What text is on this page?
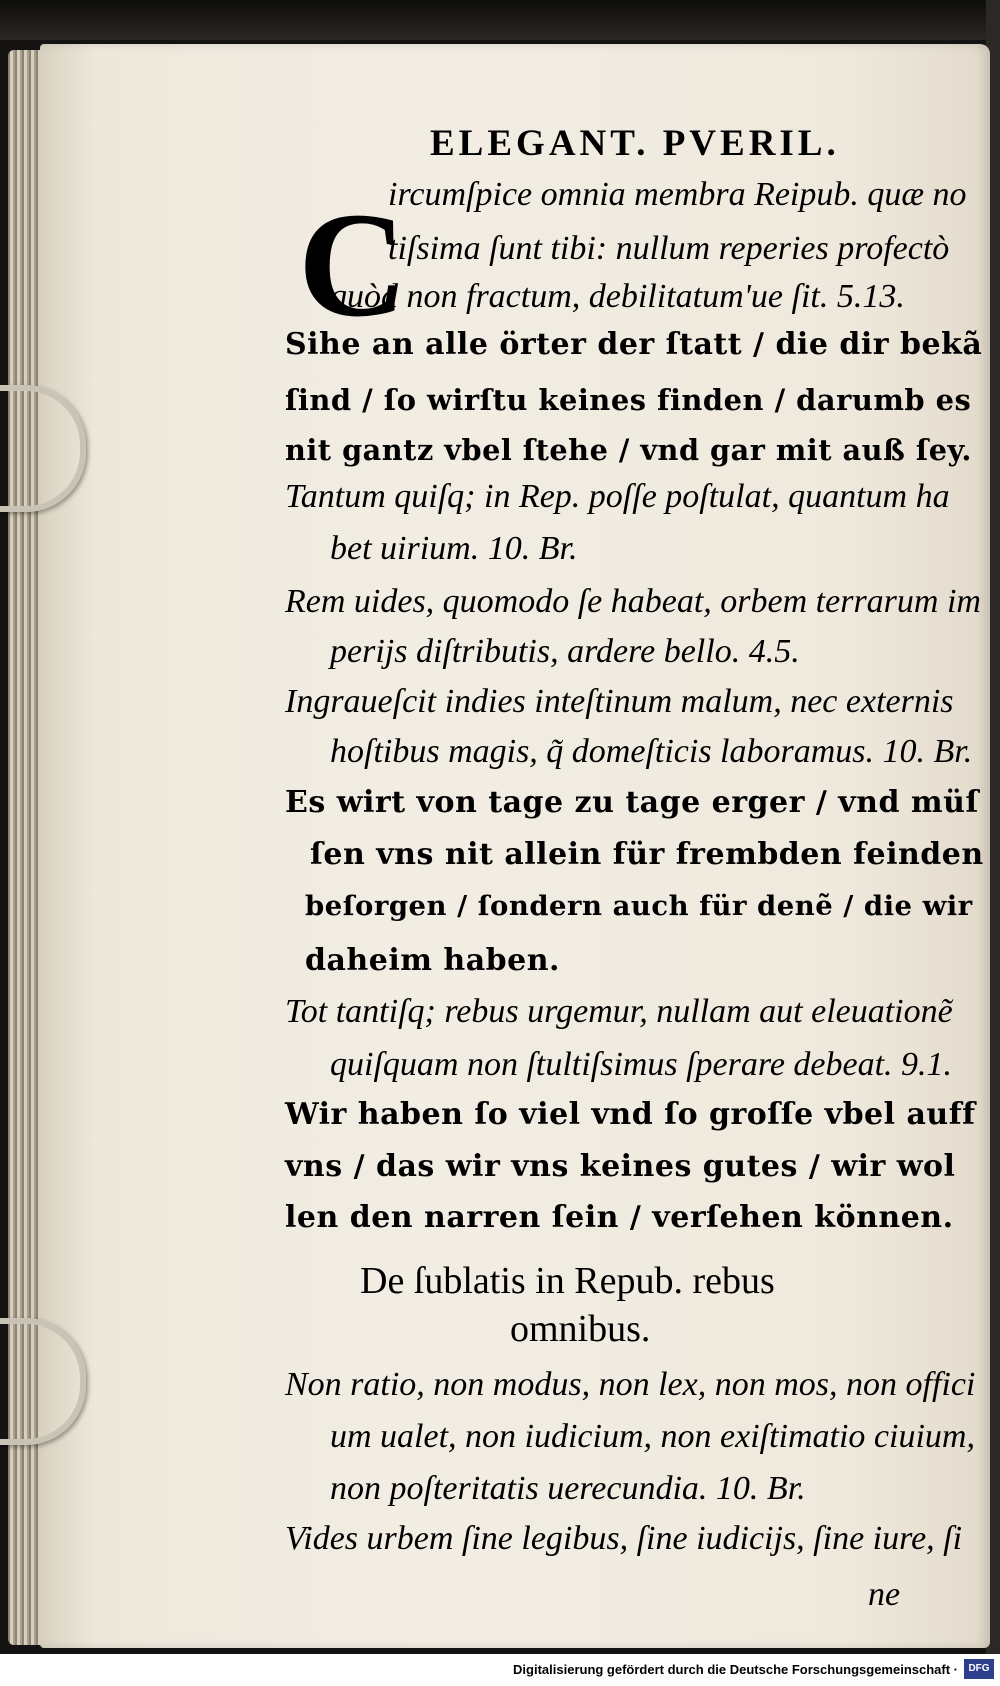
ELEGANT. PVERIL.
C
ircumſpice omnia membra Reipub. quæ no
tiſsima ſunt tibi: nullum reperies profectò
quòd non fractum, debilitatum'ue ſit. 5.13.
Sihe an alle örter der ſtatt / die dir bekã
ſind / ſo wirſtu keines finden / darumb es
nit gantz vbel ſtehe / vnd gar mit auß ſey.
Tantum quiſq; in Rep. poſſe poſtulat, quantum ha
bet uirium. 10. Br.
Rem uides, quomodo ſe habeat, orbem terrarum im
perijs diſtributis, ardere bello. 4.5.
Ingraueſcit indies inteſtinum malum, nec externis
hoſtibus magis, q̃ domeſticis laboramus. 10. Br.
Es wirt von tage zu tage erger / vnd müſ
ſen vns nit allein für frembden feinden
beſorgen / ſondern auch für denẽ / die wir
daheim haben.
Tot tantiſq; rebus urgemur, nullam aut eleuationẽ
quiſquam non ſtultiſsimus ſperare debeat. 9.1.
Wir haben ſo viel vnd ſo groſſe vbel auff
vns / das wir vns keines gutes / wir wol
len den narren ſein / verſehen können.
De ſublatis in Repub. rebus
omnibus.
Non ratio, non modus, non lex, non mos, non offici
um ualet, non iudicium, non exiſtimatio ciuium,
non poſteritatis uerecundia. 10. Br.
Vides urbem ſine legibus, ſine iudicijs, ſine iure, ſi
ne
Digitalisierung gefördert durch die Deutsche Forschungsgemeinschaft ·	DFG
